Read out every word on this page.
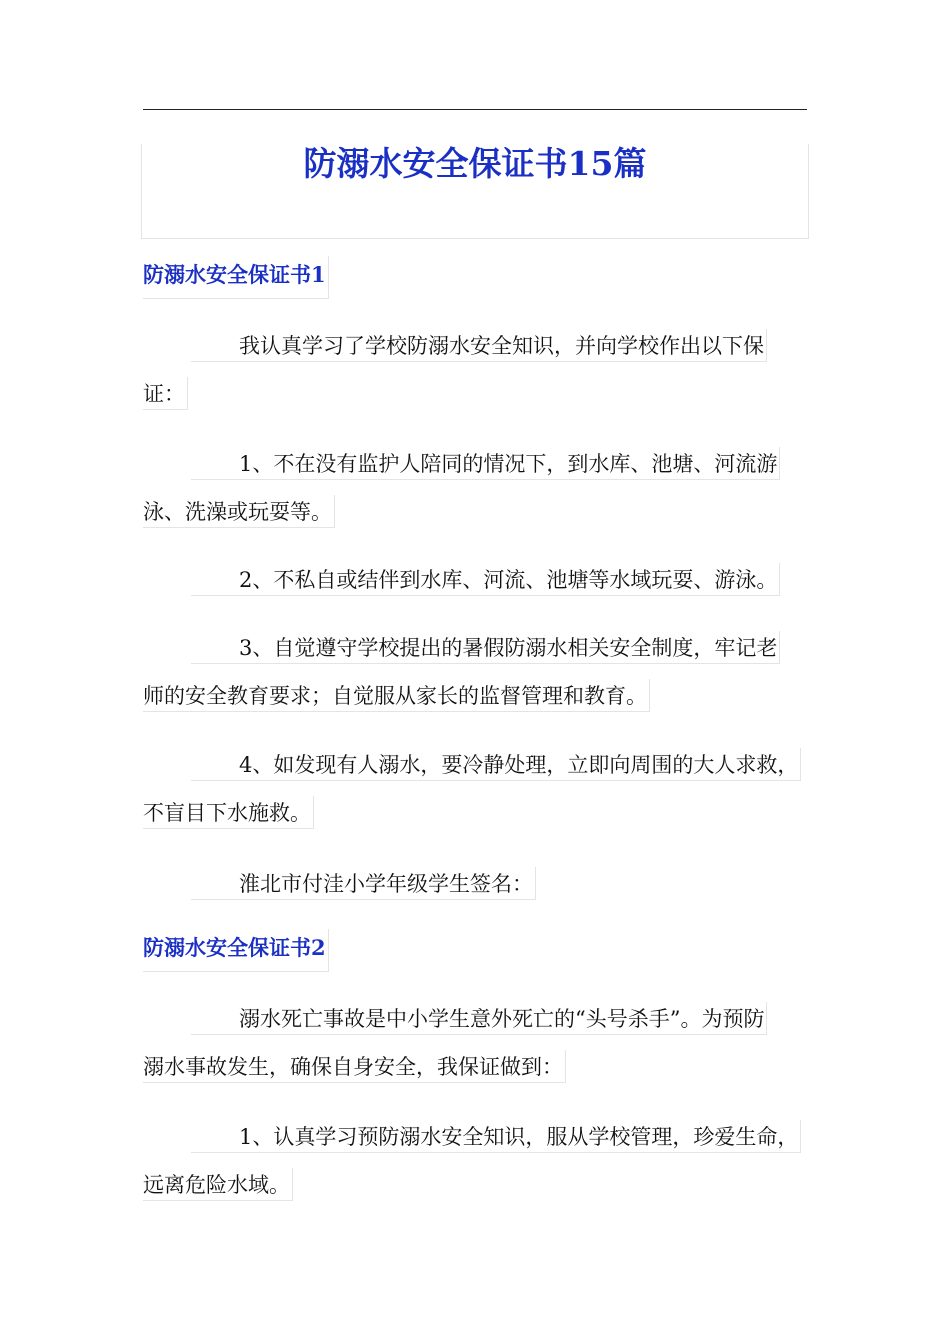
防溺水安全保证书15篇
防溺水安全保证书1

我认真学习了学校防溺水安全知识，并向学校作出以下保
证：

1、不在没有监护人陪同的情况下，到水库、池塘、河流游
泳、洗澡或玩耍等。

2、不私自或结伴到水库、河流、池塘等水域玩耍、游泳。

3、自觉遵守学校提出的暑假防溺水相关安全制度，牢记老
师的安全教育要求；自觉服从家长的监督管理和教育。

4、如发现有人溺水，要冷静处理，立即向周围的大人求救，
不盲目下水施救。

淮北市付洼小学年级学生签名：

防溺水安全保证书2

溺水死亡事故是中小学生意外死亡的“头号杀手”。为预防
溺水事故发生，确保自身安全，我保证做到：

1、认真学习预防溺水安全知识，服从学校管理，珍爱生命，
远离危险水域。
